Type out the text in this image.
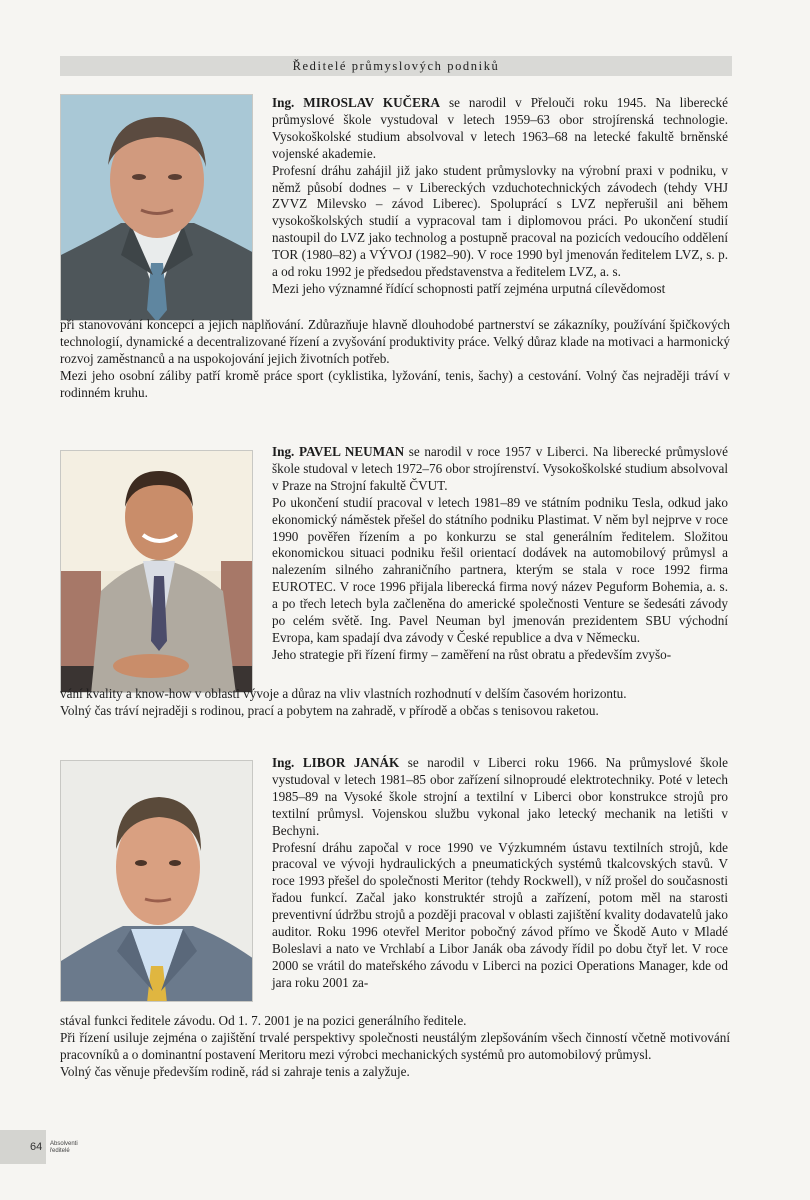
Ředitelé průmyslových podniků

Ing. MIROSLAV KUČERA se narodil v Přelouči roku 1945. Na liberecké průmyslové škole vystudoval v letech 1959–63 obor strojírenská technologie. Vysokoškolské studium absolvoval v letech 1963–68 na letecké fakultě brněnské vojenské akademie.

Profesní dráhu zahájil již jako student průmyslovky na výrobní praxi v podniku, v němž působí dodnes – v Libereckých vzduchotechnických závodech (tehdy VHJ ZVVZ Milevsko – závod Liberec). Spoluprácí s LVZ nepřerušil ani během vysokoškolských studií a vypracoval tam i diplomovou práci. Po ukončení studií nastoupil do LVZ jako technolog a postupně pracoval na pozicích vedoucího oddělení TOR (1980–82) a VÝVOJ (1982–90). V roce 1990 byl jmenován ředitelem LVZ, s. p. a od roku 1992 je předsedou představenstva a ředitelem LVZ, a. s.

Mezi jeho významné řídící schopnosti patří zejména urputná cílevědomost

při stanovování koncepcí a jejich naplňování. Zdůrazňuje hlavně dlouhodobé partnerství se zákazníky, používání špičkových technologií, dynamické a decentralizované řízení a zvyšování produktivity práce. Velký důraz klade na motivaci a harmonický rozvoj zaměstnanců a na uspokojování jejich životních potřeb.

Mezi jeho osobní záliby patří kromě práce sport (cyklistika, lyžování, tenis, šachy) a cestování. Volný čas nejraději tráví v rodinném kruhu.

Ing. PAVEL NEUMAN se narodil v roce 1957 v Liberci. Na liberecké průmyslové škole studoval v letech 1972–76 obor strojírenství. Vysokoškolské studium absolvoval v Praze na Strojní fakultě ČVUT.

Po ukončení studií pracoval v letech 1981–89 ve státním podniku Tesla, odkud jako ekonomický náměstek přešel do státního podniku Plastimat. V něm byl nejprve v roce 1990 pověřen řízením a po konkurzu se stal generálním ředitelem. Složitou ekonomickou situaci podniku řešil orientací dodávek na automobilový průmysl a nalezením silného zahraničního partnera, kterým se stala v roce 1992 firma EUROTEC. V roce 1996 přijala liberecká firma nový název Peguform Bohemia, a. s. a po třech letech byla začleněna do americké společnosti Venture se šedesáti závody po celém světě. Ing. Pavel Neuman byl jmenován prezidentem SBU východní Evropa, kam spadají dva závody v České republice a dva v Německu.

Jeho strategie při řízení firmy – zaměření na růst obratu a především zvyšo-

vání kvality a know-how v oblasti vývoje a důraz na vliv vlastních rozhodnutí v delším časovém horizontu.

Volný čas tráví nejraději s rodinou, prací a pobytem na zahradě, v přírodě a občas s tenisovou raketou.

Ing. LIBOR JANÁK se narodil v Liberci roku 1966. Na průmyslové škole vystudoval v letech 1981–85 obor zařízení silnoproudé elektrotechniky. Poté v letech 1985–89 na Vysoké škole strojní a textilní v Liberci obor konstrukce strojů pro textilní průmysl. Vojenskou službu vykonal jako letecký mechanik na letišti v Bechyni.

Profesní dráhu započal v roce 1990 ve Výzkumném ústavu textilních strojů, kde pracoval ve vývoji hydraulických a pneumatických systémů tkalcovských stavů. V roce 1993 přešel do společnosti Meritor (tehdy Rockwell), v níž prošel do současnosti řadou funkcí. Začal jako konstruktér strojů a zařízení, potom měl na starosti preventivní údržbu strojů a později pracoval v oblasti zajištění kvality dodavatelů jako auditor. Roku 1996 otevřel Meritor pobočný závod přímo ve Škodě Auto v Mladé Boleslavi a nato ve Vrchlabí a Libor Janák oba závody řídil po dobu čtyř let. V roce 2000 se vrátil do mateřského závodu v Liberci na pozici Operations Manager, kde od jara roku 2001 za-

stával funkci ředitele závodu. Od 1. 7. 2001 je na pozici generálního ředitele.

Při řízení usiluje zejména o zajištění trvalé perspektivy společnosti neustálým zlepšováním všech činností včetně motivování pracovníků a o dominantní postavení Meritoru mezi výrobci mechanických systémů pro automobilový průmysl.

Volný čas věnuje především rodině, rád si zahraje tenis a zalyžuje.

64 Absolventi
ředitelé
